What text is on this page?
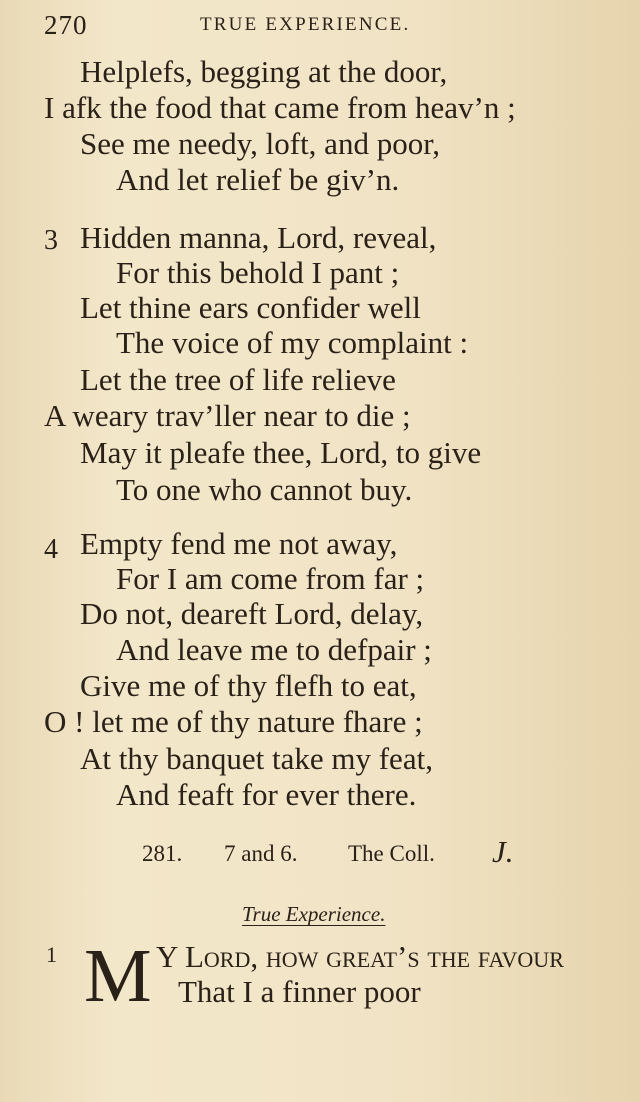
270	TRUE EXPERIENCE.
Helplefs, begging at the door,
I afk the food that came from heav’n ;
See me needy, loft, and poor,
And let relief be giv’n.
3 Hidden manna, Lord, reveal,
For this behold I pant ;
Let thine ears confider well
The voice of my complaint :
Let the tree of life relieve
A weary trav’ller near to die ;
May it pleafe thee, Lord, to give
To one who cannot buy.
4 Empty fend me not away,
For I am come from far ;
Do not, deareft Lord, delay,
And leave me to defpair ;
Give me of thy flefh to eat,
O ! let me of thy nature fhare ;
At thy banquet take my feat,
And feaft for ever there.
281. 7 and 6. The Coll. J.
True Experience.
1 M Y Lord, how great’s the favour
That I a finner poor
